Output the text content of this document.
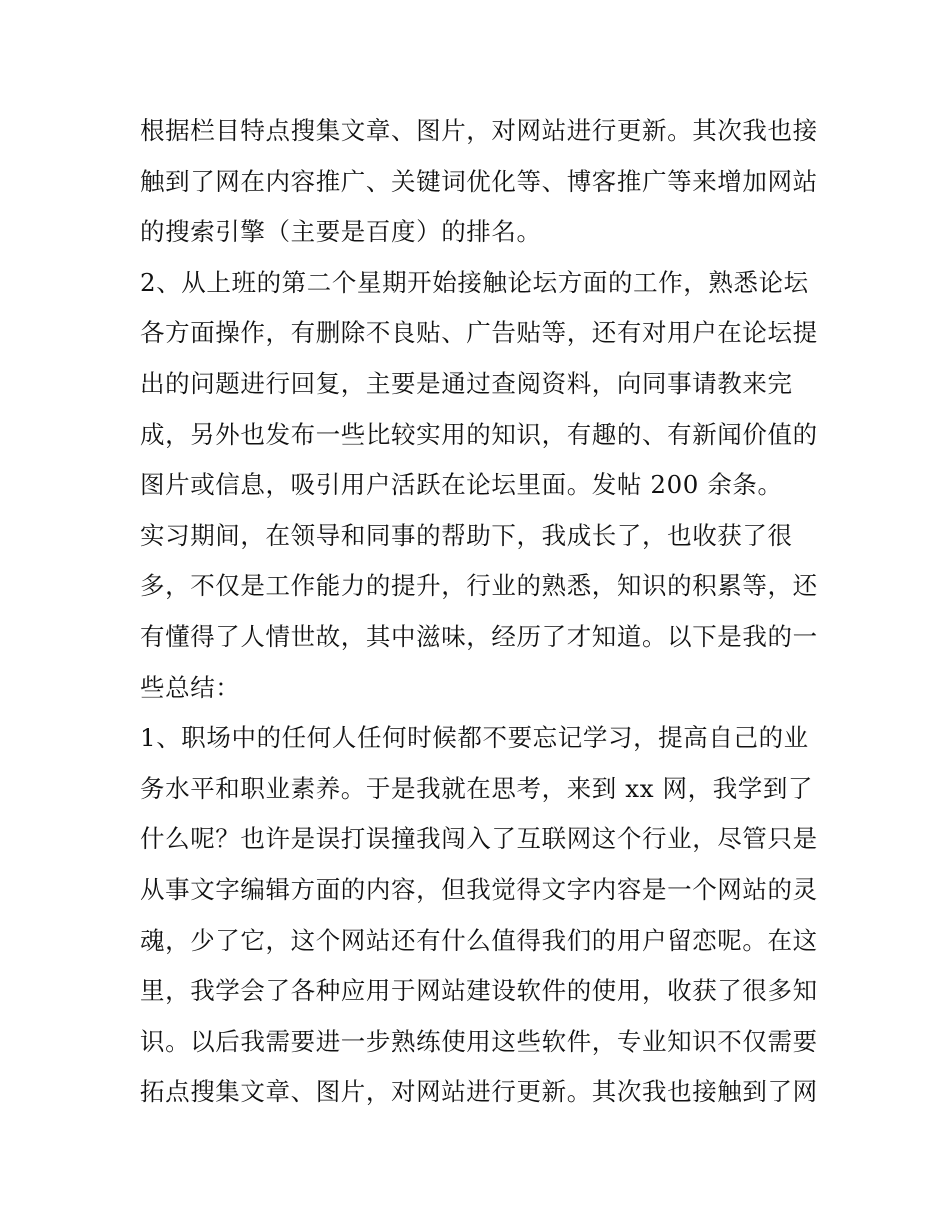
根据栏目特点搜集文章、图片，对网站进行更新。其次我也接
触到了网在内容推广、关键词优化等、博客推广等来增加网站
的搜索引擎（主要是百度）的排名。
2、从上班的第二个星期开始接触论坛方面的工作，熟悉论坛
各方面操作，有删除不良贴、广告贴等，还有对用户在论坛提
出的问题进行回复，主要是通过查阅资料，向同事请教来完
成，另外也发布一些比较实用的知识，有趣的、有新闻价值的
图片或信息，吸引用户活跃在论坛里面。发帖 200 余条。
实习期间，在领导和同事的帮助下，我成长了，也收获了很
多，不仅是工作能力的提升，行业的熟悉，知识的积累等，还
有懂得了人情世故，其中滋味，经历了才知道。以下是我的一
些总结：
1、职场中的任何人任何时候都不要忘记学习，提高自己的业
务水平和职业素养。于是我就在思考，来到 xx 网，我学到了
什么呢？也许是误打误撞我闯入了互联网这个行业，尽管只是
从事文字编辑方面的内容，但我觉得文字内容是一个网站的灵
魂，少了它，这个网站还有什么值得我们的用户留恋呢。在这
里，我学会了各种应用于网站建设软件的使用，收获了很多知
识。以后我需要进一步熟练使用这些软件，专业知识不仅需要
拓点搜集文章、图片，对网站进行更新。其次我也接触到了网
